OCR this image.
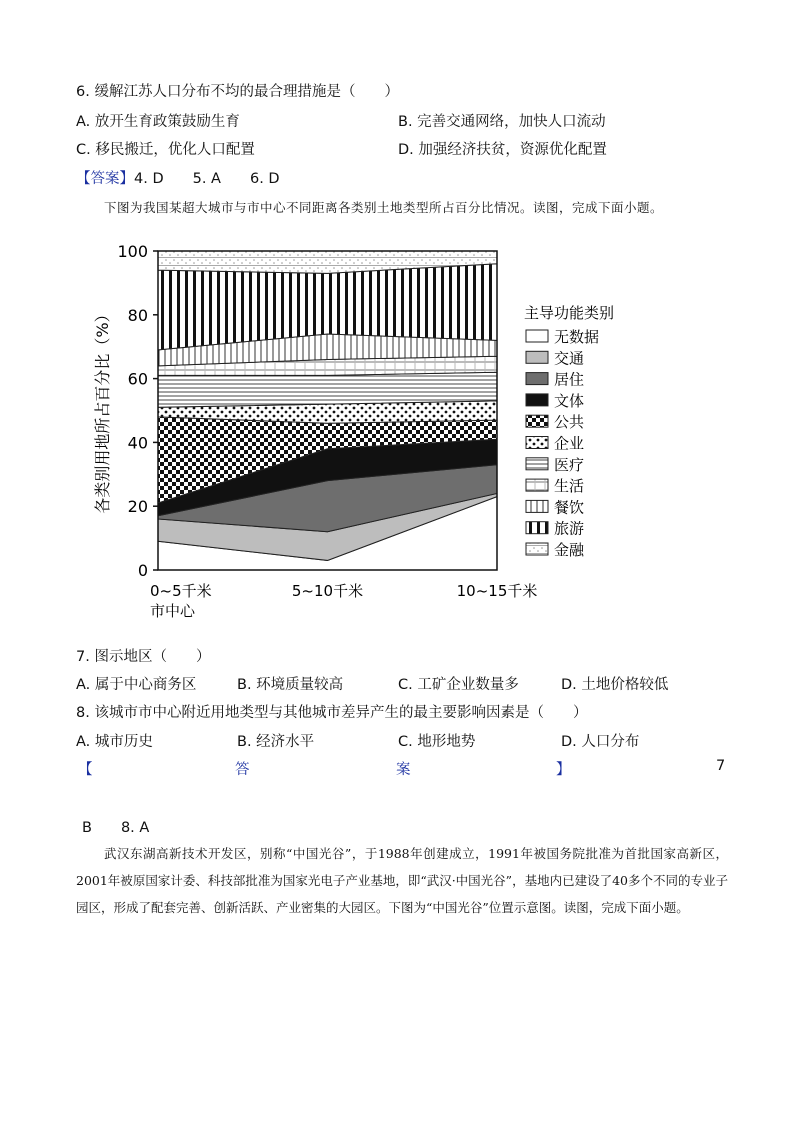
6. 缓解江苏人口分布不均的最合理措施是（　　）
A. 放开生育政策鼓励生育	B. 完善交通网络，加快人口流动
C. 移民搬迁，优化人口配置	D. 加强经济扶贫，资源优化配置
【答案】4. D　　5. A　　6. D
下图为我国某超大城市与市中心不同距离各类别土地类型所占百分比情况。读图，完成下面小题。
0
20
40
60
80
100
0~5千米
市中心
5~10千米	10~15千米
各类别用地所占百分比（%）	主导功能类别
无数据
交通
居住
文体
公共
企业
医疗
生活
餐饮
旅游
金融
7. 图示地区（　　）
A. 属于中心商务区	B. 环境质量较高	C. 工矿企业数量多	D. 土地价格较低
8. 该城市市中心附近用地类型与其他城市差异产生的最主要影响因素是（　　）
A. 城市历史	B. 经济水平	C. 地形地势	D. 人口分布
【	答	案	】	7
B　　8. A
武汉东湖高新技术开发区，别称“中国光谷”，于1988年创建成立，1991年被国务院批准为首批国家高新区，2001年被原国家计委、科技部批准为国家光电子产业基地，即“武汉·中国光谷”，基地内已建设了40多个不同的专业子园区，形成了配套完善、创新活跃、产业密集的大园区。下图为“中国光谷”位置示意图。读图，完成下面小题。
